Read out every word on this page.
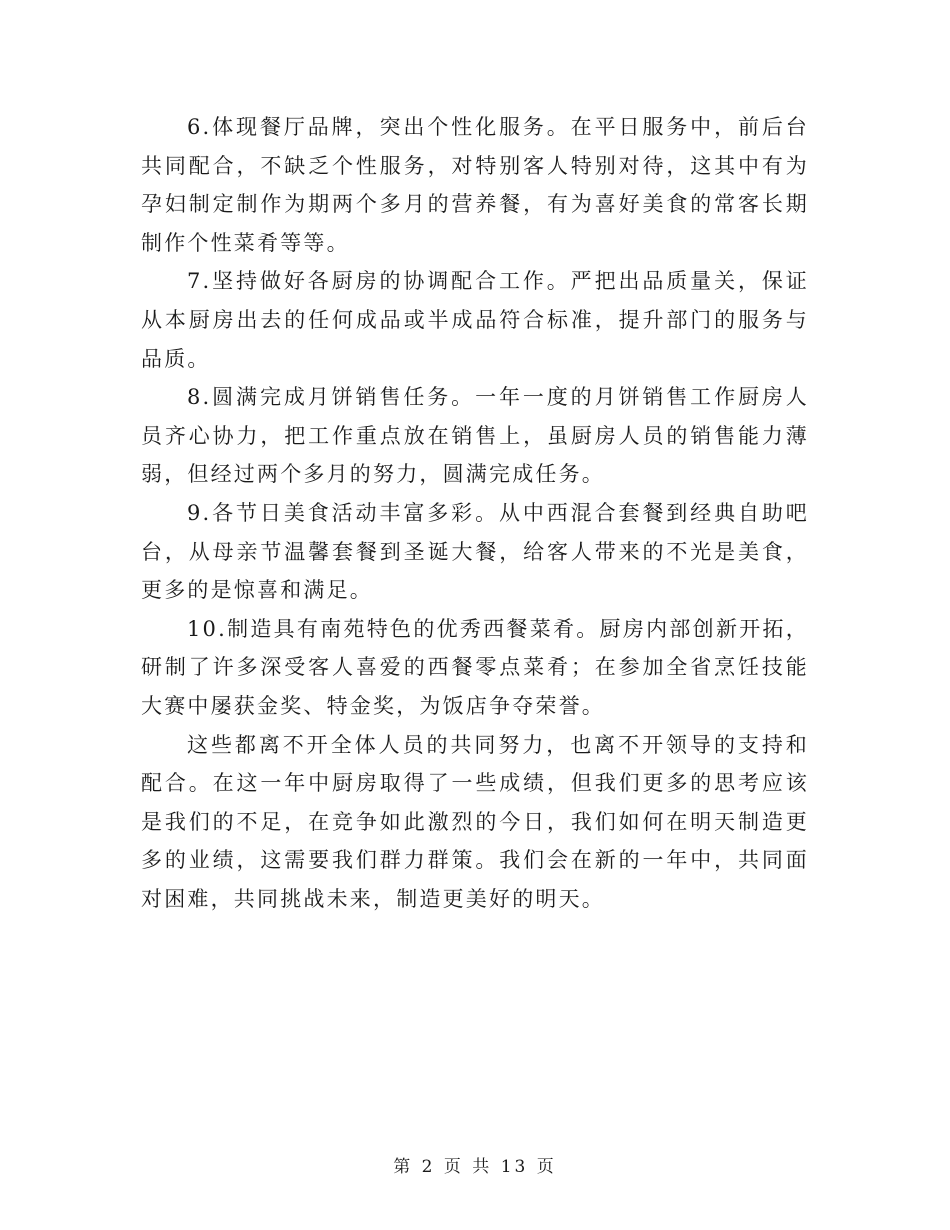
6.体现餐厅品牌，突出个性化服务。在平日服务中，前后台共同配合，不缺乏个性服务，对特别客人特别对待，这其中有为孕妇制定制作为期两个多月的营养餐，有为喜好美食的常客长期制作个性菜肴等等。

7.坚持做好各厨房的协调配合工作。严把出品质量关，保证从本厨房出去的任何成品或半成品符合标准，提升部门的服务与品质。

8.圆满完成月饼销售任务。一年一度的月饼销售工作厨房人员齐心协力，把工作重点放在销售上，虽厨房人员的销售能力薄弱，但经过两个多月的努力，圆满完成任务。

9.各节日美食活动丰富多彩。从中西混合套餐到经典自助吧台，从母亲节温馨套餐到圣诞大餐，给客人带来的不光是美食，更多的是惊喜和满足。

10.制造具有南苑特色的优秀西餐菜肴。厨房内部创新开拓，研制了许多深受客人喜爱的西餐零点菜肴；在参加全省烹饪技能大赛中屡获金奖、特金奖，为饭店争夺荣誉。

这些都离不开全体人员的共同努力，也离不开领导的支持和配合。在这一年中厨房取得了一些成绩，但我们更多的思考应该是我们的不足，在竞争如此激烈的今日，我们如何在明天制造更多的业绩，这需要我们群力群策。我们会在新的一年中，共同面对困难，共同挑战未来，制造更美好的明天。

第 2 页 共 13 页
